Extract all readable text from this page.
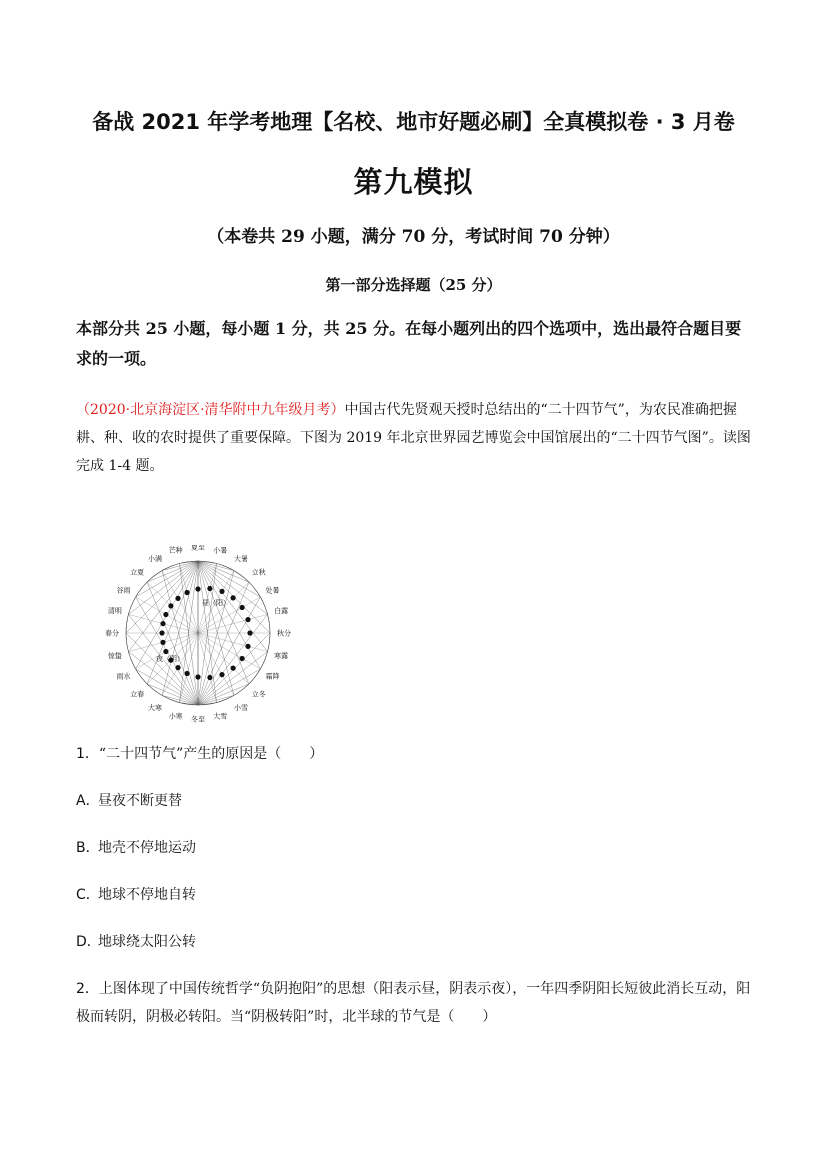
备战 2021 年学考地理【名校、地市好题必刷】全真模拟卷 · 3 月卷
第九模拟
（本卷共 29 小题，满分 70 分，考试时间 70 分钟）
第一部分选择题（25 分）
本部分共 25 小题，每小题 1 分，共 25 分。在每小题列出的四个选项中，选出最符合题目要求的一项。
（2020·北京海淀区·清华附中九年级月考）中国古代先贤观天授时总结出的“二十四节气”，为农民准确把握耕、种、收的农时提供了重要保障。下图为 2019 年北京世界园艺博览会中国馆展出的“二十四节气图”。读图完成 1-4 题。
夏至 小暑
大暑
立秋
处暑
白露
秋分
寒露
霜降
立冬
小雪
大雪
冬至
小寒
大寒
立春
雨水
惊蛰
春分
清明
谷雨
立夏
小满
芒种
昼（阳）
夜（阴）
1．“二十四节气”产生的原因是（　　）
A．昼夜不断更替
B．地壳不停地运动
C．地球不停地自转
D．地球绕太阳公转
2．上图体现了中国传统哲学“负阴抱阳”的思想（阳表示昼，阴表示夜），一年四季阴阳长短彼此消长互动，阳极而转阴，阴极必转阳。当“阴极转阳”时，北半球的节气是（　　）
